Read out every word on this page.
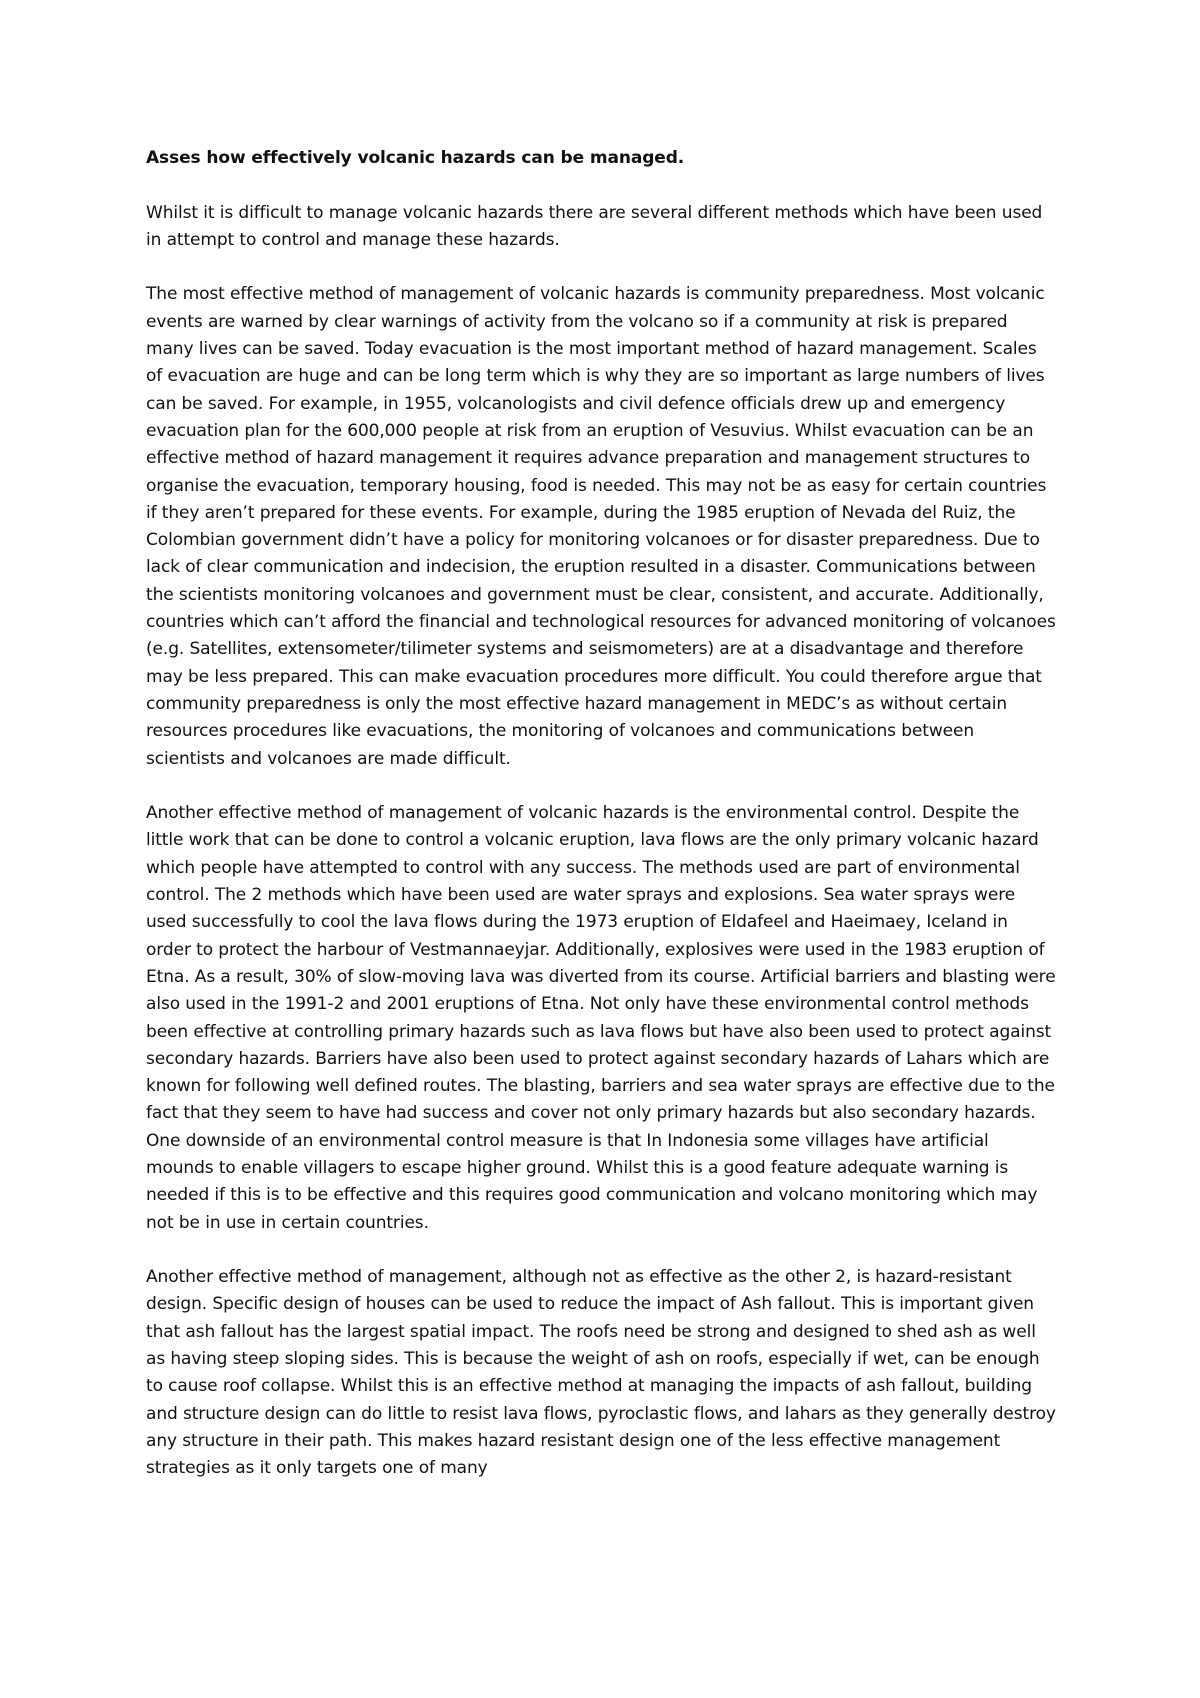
Asses how effectively volcanic hazards can be managed.
Whilst it is difficult to manage volcanic hazards there are several different methods which have been used in attempt to control and manage these hazards.
The most effective method of management of volcanic hazards is community preparedness. Most volcanic events are warned by clear warnings of activity from the volcano so if a community at risk is prepared many lives can be saved. Today evacuation is the most important method of hazard management. Scales of evacuation are huge and can be long term which is why they are so important as large numbers of lives can be saved. For example, in 1955, volcanologists and civil defence officials drew up and emergency evacuation plan for the 600,000 people at risk from an eruption of Vesuvius. Whilst evacuation can be an effective method of hazard management it requires advance preparation and management structures to organise the evacuation, temporary housing, food is needed. This may not be as easy for certain countries if they aren’t prepared for these events. For example, during the 1985 eruption of Nevada del Ruiz, the Colombian government didn’t have a policy for monitoring volcanoes or for disaster preparedness. Due to lack of clear communication and indecision, the eruption resulted in a disaster. Communications between the scientists monitoring volcanoes and government must be clear, consistent, and accurate. Additionally, countries which can’t afford the financial and technological resources for advanced monitoring of volcanoes (e.g. Satellites, extensometer/tilimeter systems and seismometers) are at a disadvantage and therefore may be less prepared. This can make evacuation procedures more difficult. You could therefore argue that community preparedness is only the most effective hazard management in MEDC’s as without certain resources procedures like evacuations, the monitoring of volcanoes and communications between scientists and volcanoes are made difficult.
Another effective method of management of volcanic hazards is the environmental control. Despite the little work that can be done to control a volcanic eruption, lava flows are the only primary volcanic hazard which people have attempted to control with any success. The methods used are part of environmental control. The 2 methods which have been used are water sprays and explosions. Sea water sprays were used successfully to cool the lava flows during the 1973 eruption of Eldafeel and Haeimaey, Iceland in order to protect the harbour of Vestmannaeyjar. Additionally, explosives were used in the 1983 eruption of Etna. As a result, 30% of slow-moving lava was diverted from its course. Artificial barriers and blasting were also used in the 1991-2 and 2001 eruptions of Etna. Not only have these environmental control methods been effective at controlling primary hazards such as lava flows but have also been used to protect against secondary hazards. Barriers have also been used to protect against secondary hazards of Lahars which are known for following well defined routes. The blasting, barriers and sea water sprays are effective due to the fact that they seem to have had success and cover not only primary hazards but also secondary hazards. One downside of an environmental control measure is that In Indonesia some villages have artificial mounds to enable villagers to escape higher ground. Whilst this is a good feature adequate warning is needed if this is to be effective and this requires good communication and volcano monitoring which may not be in use in certain countries.
Another effective method of management, although not as effective as the other 2, is hazard-resistant design. Specific design of houses can be used to reduce the impact of Ash fallout. This is important given that ash fallout has the largest spatial impact. The roofs need be strong and designed to shed ash as well as having steep sloping sides. This is because the weight of ash on roofs, especially if wet, can be enough to cause roof collapse. Whilst this is an effective method at managing the impacts of ash fallout, building and structure design can do little to resist lava flows, pyroclastic flows, and lahars as they generally destroy any structure in their path. This makes hazard resistant design one of the less effective management strategies as it only targets one of many
